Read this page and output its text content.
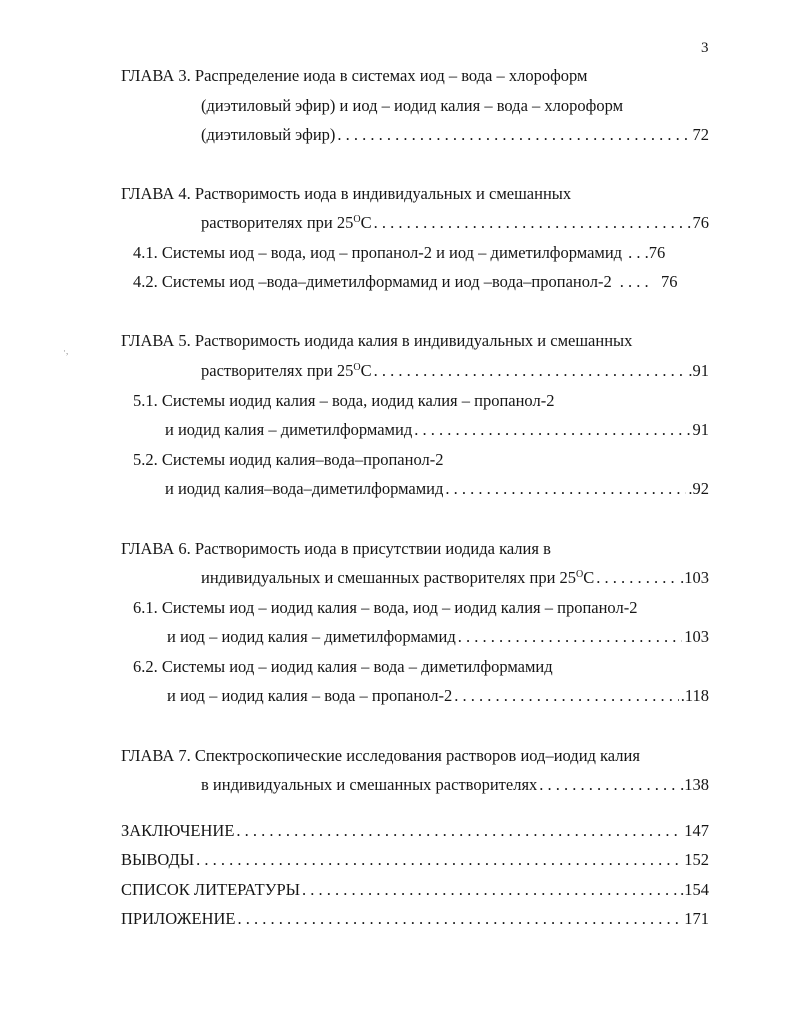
3
·,
ГЛАВА 3. Распределение иода в системах иод – вода – хлороформ
(диэтиловый эфир) и иод – иодид калия – вода – хлороформ
(диэтиловый эфир) . . .	72
ГЛАВА 4. Растворимость иода в индивидуальных и смешанных
растворителях при $25^OC$ . . .	76
4.1. Системы иод – вода, иод – пропанол-2 и иод – диметилформамид . . .76
4.2. Системы иод –вода–диметилформамид и иод –вода–пропанол-2 . . . .   76
ГЛАВА 5. Растворимость иодида калия в индивидуальных и смешанных
растворителях при $25^OC$ . . .	.91
5.1. Системы иодид калия – вода, иодид калия – пропанол-2
и иодид калия – диметилформамид . . .	91
5.2. Системы иодид калия–вода–пропанол-2
и иодид калия–вода–диметилформамид . . .	.92
ГЛАВА 6. Растворимость иода в присутствии иодида калия в
индивидуальных и смешанных растворителях при $25^OC$ . . .	.103
6.1. Системы иод – иодид калия – вода, иод – иодид калия – пропанол-2
и иод – иодид калия – диметилформамид . . .	103
6.2. Системы иод – иодид калия – вода – диметилформамид
и иод – иодид калия – вода – пропанол-2 . . .	.118
ГЛАВА 7. Спектроскопические исследования растворов иод–иодид калия
в индивидуальных и смешанных растворителях . . .	.138
ЗАКЛЮЧЕНИЕ . . .	147
ВЫВОДЫ . . .	152
СПИСОК ЛИТЕРАТУРЫ . . .	.154
ПРИЛОЖЕНИЕ . . .	171
